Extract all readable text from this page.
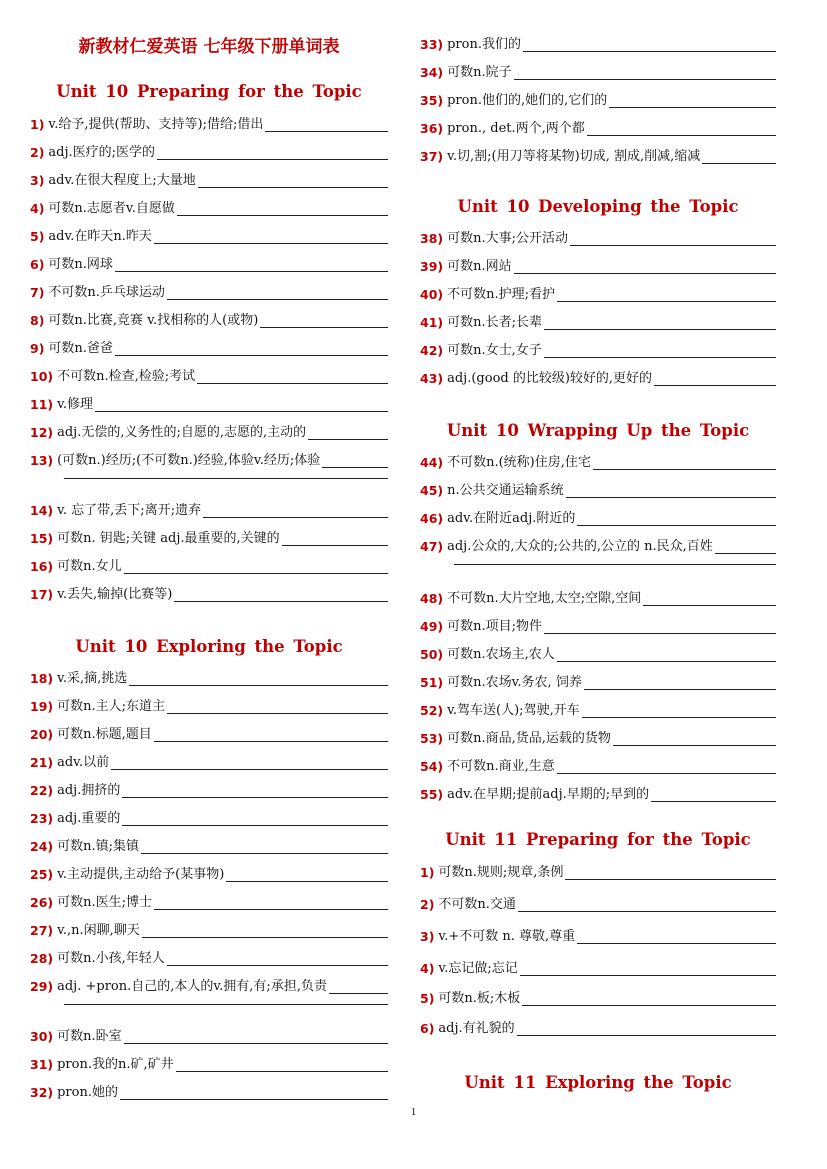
新教材仁爱英语 七年级下册单词表
Unit 10 Preparing for the Topic
1) v.给予,提供(帮助、支持等);借给;借出
2) adj.医疗的;医学的
3) adv.在很大程度上;大量地
4) 可数n.志愿者v.自愿做
5) adv.在昨天n.昨天
6) 可数n.网球
7) 不可数n.乒乓球运动
8) 可数n.比赛,竞赛 v.找相称的人(或物)
9) 可数n.爸爸
10) 不可数n.检查,检验;考试
11) v.修理
12) adj.无偿的,义务性的;自愿的,志愿的,主动的
13) (可数n.)经历;(不可数n.)经验,体验v.经历;体验
14) v. 忘了带,丢下;离开;遗弃
15) 可数n. 钥匙;关键 adj.最重要的,关键的
16) 可数n.女儿
17) v.丢失,输掉(比赛等)
Unit 10 Exploring the Topic
18) v.采,摘,挑选
19) 可数n.主人;东道主
20) 可数n.标题,题目
21) adv.以前
22) adj.拥挤的
23) adj.重要的
24) 可数n.镇;集镇
25) v.主动提供,主动给予(某事物)
26) 可数n.医生;博士
27) v.,n.闲聊,聊天
28) 可数n.小孩,年轻人
29) adj. +pron.自己的,本人的v.拥有,有;承担,负责
30) 可数n.卧室
31) pron.我的n.矿,矿井
32) pron.她的
33) pron.我们的
34) 可数n.院子
35) pron.他们的,她们的,它们的
36) pron., det.两个,两个都
37) v.切,割;(用刀等将某物)切成, 割成,削减,缩减
Unit 10 Developing the Topic
38) 可数n.大事;公开活动
39) 可数n.网站
40) 不可数n.护理;看护
41) 可数n.长者;长辈
42) 可数n.女士,女子
43) adj.(good 的比较级)较好的,更好的
Unit 10 Wrapping Up the Topic
44) 不可数n.(统称)住房,住宅
45) n.公共交通运输系统
46) adv.在附近adj.附近的
47) adj.公众的,大众的;公共的,公立的 n.民众,百姓
48) 不可数n.大片空地,太空;空隙,空间
49) 可数n.项目;物件
50) 可数n.农场主,农人
51) 可数n.农场v.务农, 饲养
52) v.驾车送(人);驾驶,开车
53) 可数n.商品,货品,运载的货物
54) 不可数n.商业,生意
55) adv.在早期;提前adj.早期的;早到的
Unit 11 Preparing for the Topic
1) 可数n.规则;规章,条例
2) 不可数n.交通
3) v.+不可数 n. 尊敬,尊重
4) v.忘记做;忘记
5) 可数n.板;木板
6) adj.有礼貌的
Unit 11 Exploring the Topic
1
